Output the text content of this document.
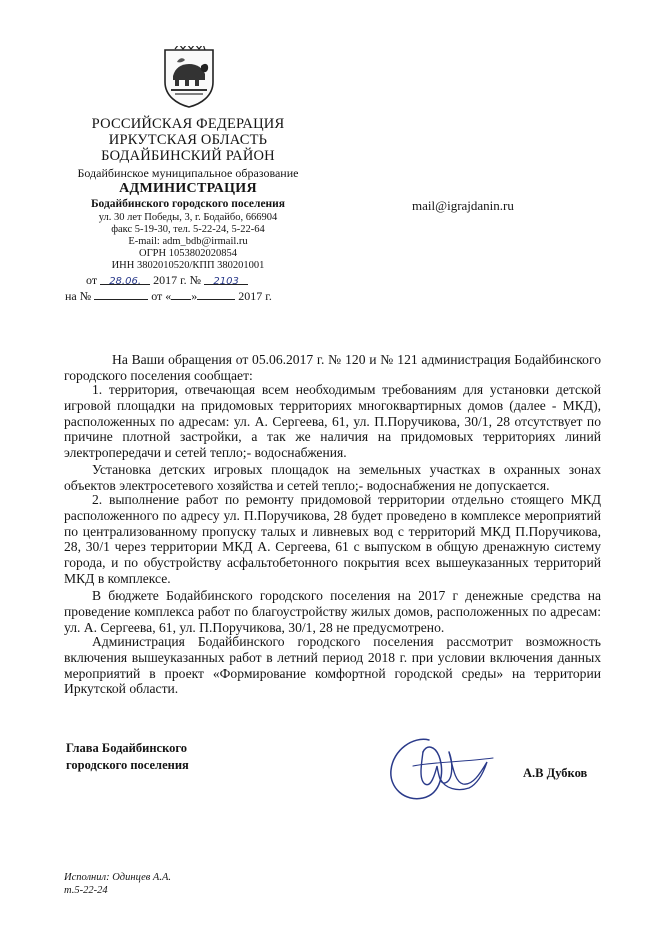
РОССИЙСКАЯ ФЕДЕРАЦИЯ
ИРКУТСКАЯ ОБЛАСТЬ
БОДАЙБИНСКИЙ РАЙОН
Бодайбинское муниципальное образование
АДМИНИСТРАЦИЯ
Бодайбинского городского поселения
ул. 30 лет Победы, 3, г. Бодайбо, 666904
факс 5-19-30, тел. 5-22-24, 5-22-64
E-mail: adm_bdb@irmail.ru
ОГРН 1053802020854
ИНН 3802010520/КПП 380201001
от 28.06. 2017 г. № 2103
на №	от « »	2017 г.
mail@igrajdanin.ru
На Ваши обращения от 05.06.2017 г. № 120 и № 121 администрация Бодайбинского городского поселения сообщает:
1. территория, отвечающая всем необходимым требованиям для установки детской игровой площадки на придомовых территориях многоквартирных домов (далее - МКД), расположенных по адресам: ул. А. Сергеева, 61, ул. П.Поручикова, 30/1, 28 отсутствует по причине плотной застройки, а так же наличия на придомовых территориях линий электропередачи и сетей тепло;- водоснабжения.
Установка детских игровых площадок на земельных участках в охранных зонах объектов электросетевого хозяйства и сетей тепло;- водоснабжения не допускается.
2. выполнение работ по ремонту придомовой территории отдельно стоящего МКД расположенного по адресу ул. П.Поручикова, 28 будет проведено в комплексе мероприятий по централизованному пропуску талых и ливневых вод с территорий МКД П.Поручикова, 28, 30/1 через территории МКД А. Сергеева, 61 с выпуском в общую дренажную систему города, и по обустройству асфальтобетонного покрытия всех вышеуказанных территорий МКД в комплексе.
В бюджете Бодайбинского городского поселения на 2017 г денежные средства на проведение комплекса работ по благоустройству жилых домов, расположенных по адресам: ул. А. Сергеева, 61, ул. П.Поручикова, 30/1, 28 не предусмотрено.
Администрация Бодайбинского городского поселения рассмотрит возможность включения вышеуказанных работ в летний период 2018 г. при условии включения данных мероприятий в проект «Формирование комфортной городской среды» на территории Иркутской области.
Глава Бодайбинского
городского поселения
А.В Дубков
Исполнил: Одинцев А.А.
т.5-22-24
